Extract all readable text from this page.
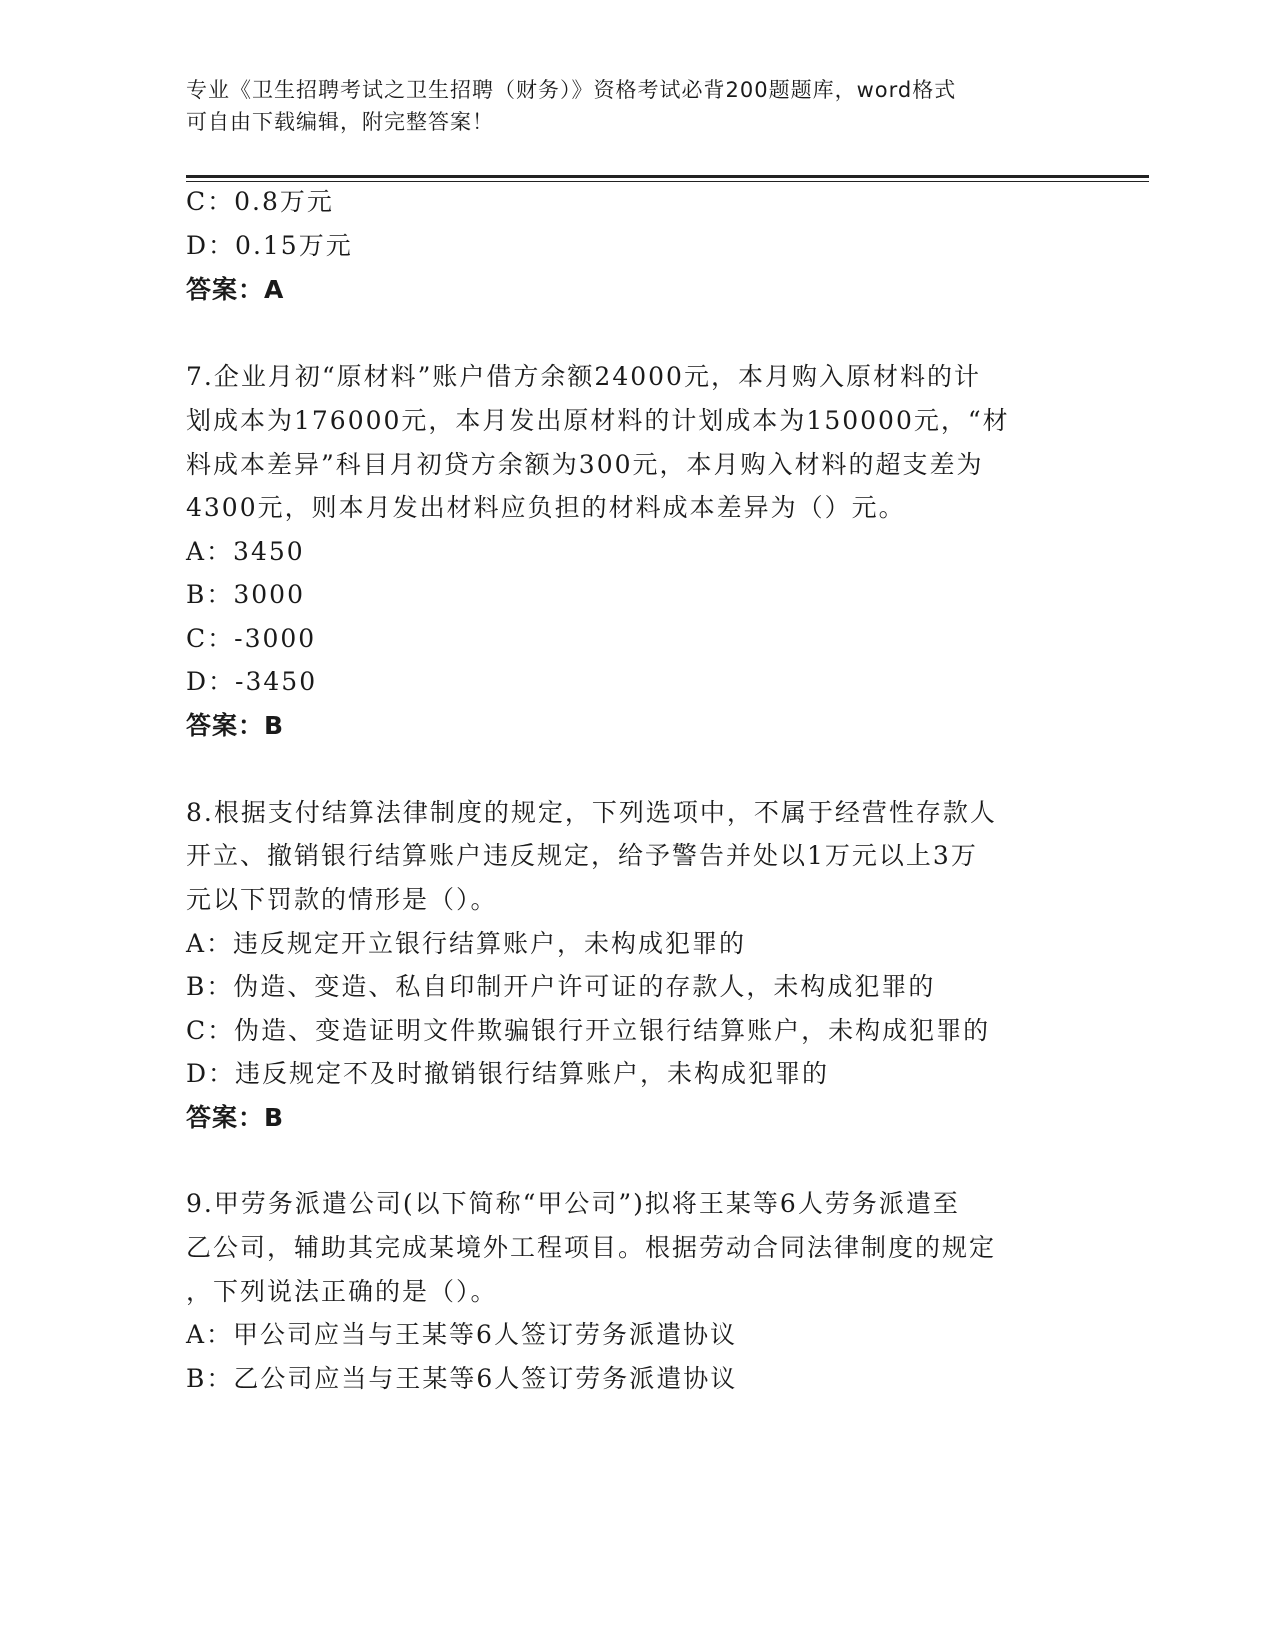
专业《卫生招聘考试之卫生招聘（财务）》资格考试必背200题题库，word格式
可自由下载编辑，附完整答案！
C：0.8万元
D：0.15万元
答案：A
7.企业月初“原材料”账户借方余额24000元，本月购入原材料的计
划成本为176000元，本月发出原材料的计划成本为150000元，“材
料成本差异”科目月初贷方余额为300元，本月购入材料的超支差为
4300元，则本月发出材料应负担的材料成本差异为（）元。
A：3450
B：3000
C：-3000
D：-3450
答案：B
8.根据支付结算法律制度的规定，下列选项中，不属于经营性存款人
开立、撤销银行结算账户违反规定，给予警告并处以1万元以上3万
元以下罚款的情形是（）。
A：违反规定开立银行结算账户，未构成犯罪的
B：伪造、变造、私自印制开户许可证的存款人，未构成犯罪的
C：伪造、变造证明文件欺骗银行开立银行结算账户，未构成犯罪的
D：违反规定不及时撤销银行结算账户，未构成犯罪的
答案：B
9.甲劳务派遣公司(以下简称“甲公司”)拟将王某等6人劳务派遣至
乙公司，辅助其完成某境外工程项目。根据劳动合同法律制度的规定
，下列说法正确的是（）。
A：甲公司应当与王某等6人签订劳务派遣协议
B：乙公司应当与王某等6人签订劳务派遣协议
